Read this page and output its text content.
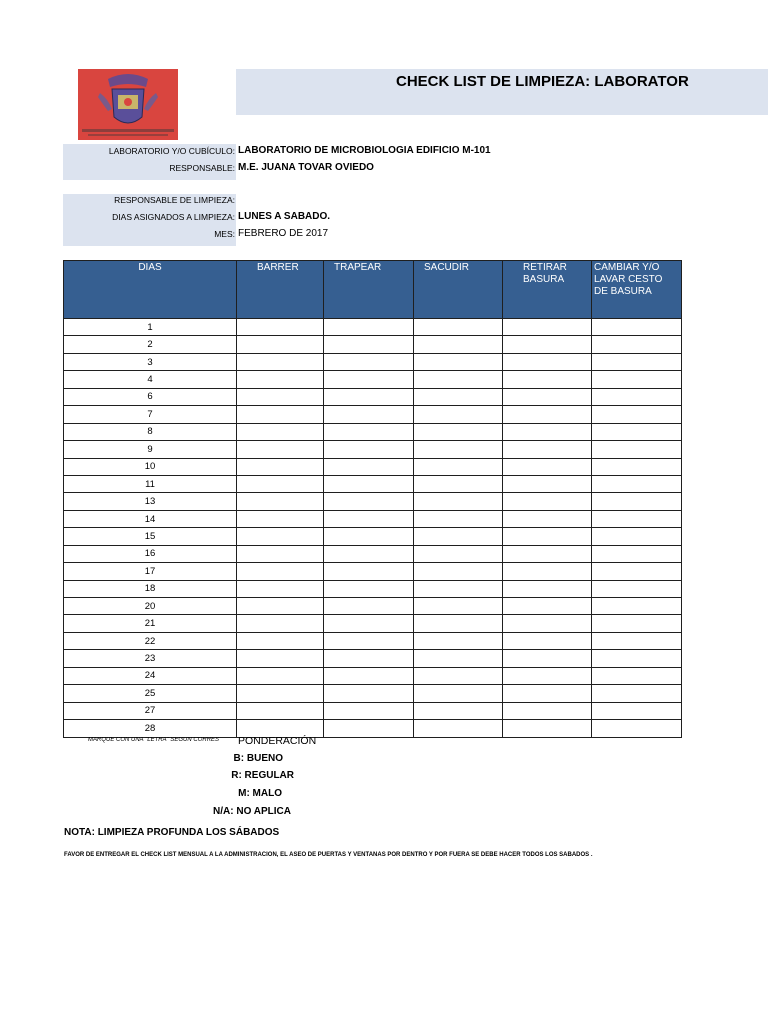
CHECK LIST DE LIMPIEZA: LABORATOR
LABORATORIO Y/O CUBÍCULO: LABORATORIO DE MICROBIOLOGIA EDIFICIO M-101
RESPONSABLE: M.E. JUANA TOVAR OVIEDO
RESPONSABLE DE LIMPIEZA:
DIAS ASIGNADOS A LIMPIEZA: LUNES A SABADO.
MES: FEBRERO DE 2017
DIAS	BARRER	TRAPEAR	SACUDIR	RETIRAR BASURA	CAMBIAR Y/O LAVAR CESTO DE BASURA
1					
2					
3					
4					
6					
7					
8					
9					
10					
11					
13					
14					
15					
16					
17					
18					
20					
21					
22					
23					
24					
25					
27					
28					
MARQUE CON UNA "LETRA" SEGÚN CORRES	PONDERACIÓN
B: BUENO
R: REGULAR
M: MALO
N/A: NO APLICA
NOTA: LIMPIEZA PROFUNDA LOS SÁBADOS
FAVOR DE ENTREGAR EL CHECK LIST MENSUAL A LA ADMINISTRACION, EL ASEO DE PUERTAS Y VENTANAS POR DENTRO Y POR FUERA SE DEBE HACER TODOS LOS SABADOS .
